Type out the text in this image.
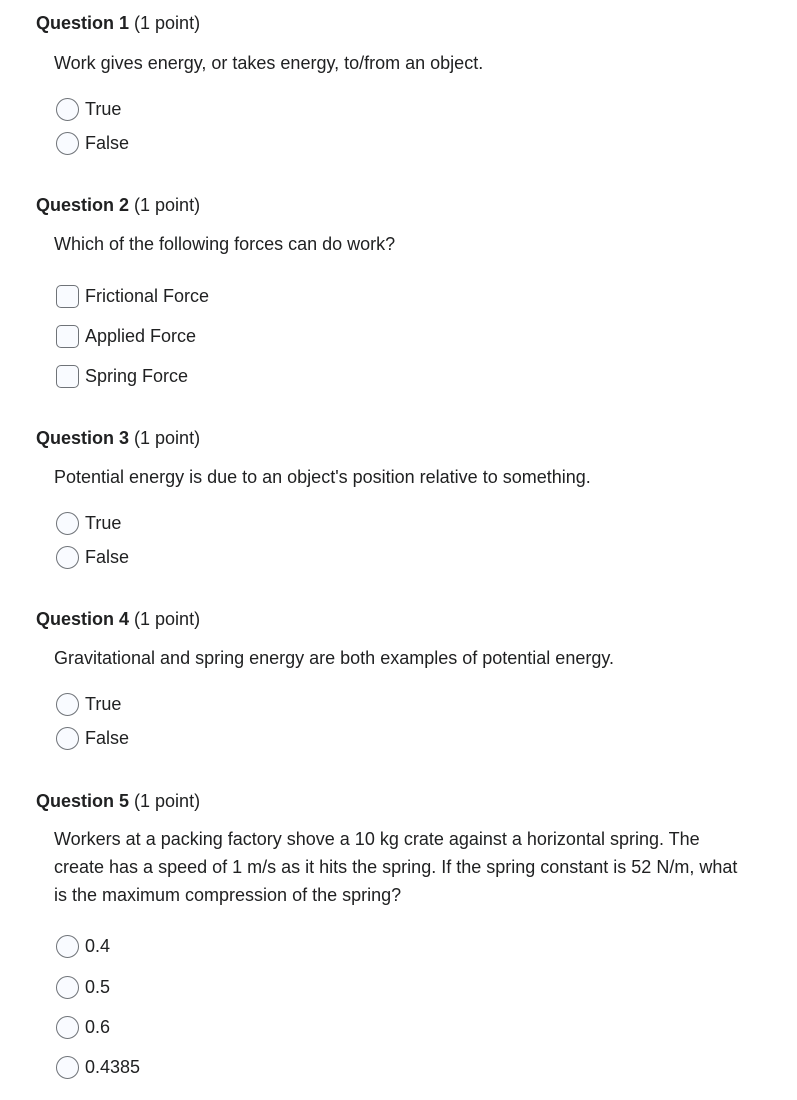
Question 1 (1 point)
Work gives energy, or takes energy, to/from an object.
True
False
Question 2 (1 point)
Which of the following forces can do work?
Frictional Force
Applied Force
Spring Force
Question 3 (1 point)
Potential energy is due to an object's position relative to something.
True
False
Question 4 (1 point)
Gravitational and spring energy are both examples of potential energy.
True
False
Question 5 (1 point)
Workers at a packing factory shove a 10 kg crate against a horizontal spring. The create has a speed of 1 m/s as it hits the spring. If the spring constant is 52 N/m, what is the maximum compression of the spring?
0.4
0.5
0.6
0.4385
